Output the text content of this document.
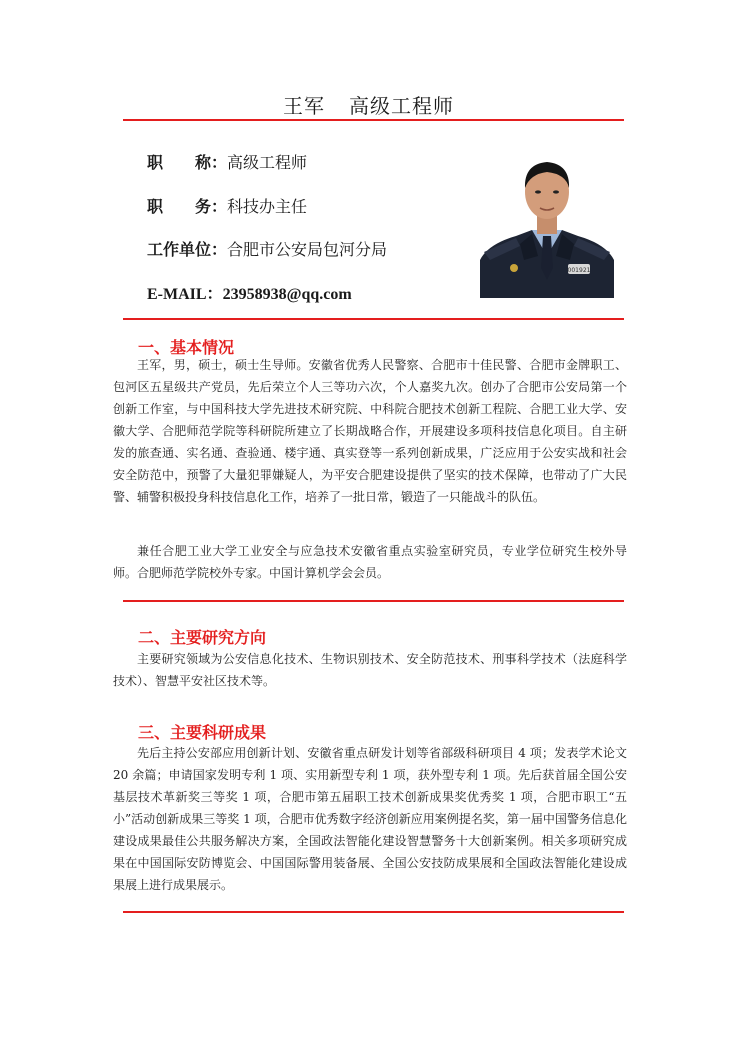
王军 高级工程师
职　　称：高级工程师
职　　务：科技办主任
工作单位：合肥市公安局包河分局
E-MAIL：23958938@qq.com
001921
一、基本情况
王军，男，硕士，硕士生导师。安徽省优秀人民警察、合肥市十佳民警、合肥市金牌职工、包河区五星级共产党员，先后荣立个人三等功六次，个人嘉奖九次。创办了合肥市公安局第一个创新工作室，与中国科技大学先进技术研究院、中科院合肥技术创新工程院、合肥工业大学、安徽大学、合肥师范学院等科研院所建立了长期战略合作，开展建设多项科技信息化项目。自主研发的旅查通、实名通、查验通、楼宇通、真实登等一系列创新成果，广泛应用于公安实战和社会安全防范中，预警了大量犯罪嫌疑人，为平安合肥建设提供了坚实的技术保障，也带动了广大民警、辅警积极投身科技信息化工作，培养了一批日常，锻造了一只能战斗的队伍。
兼任合肥工业大学工业安全与应急技术安徽省重点实验室研究员，专业学位研究生校外导师。合肥师范学院校外专家。中国计算机学会会员。
二、主要研究方向
主要研究领域为公安信息化技术、生物识别技术、安全防范技术、刑事科学技术（法庭科学技术）、智慧平安社区技术等。
三、主要科研成果
先后主持公安部应用创新计划、安徽省重点研发计划等省部级科研项目 4 项；发表学术论文 20 余篇；申请国家发明专利 1 项、实用新型专利 1 项，获外型专利 1 项。先后获首届全国公安基层技术革新奖三等奖 1 项，合肥市第五届职工技术创新成果奖优秀奖 1 项，合肥市职工“五小”活动创新成果三等奖 1 项，合肥市优秀数字经济创新应用案例提名奖，第一届中国警务信息化建设成果最佳公共服务解决方案，全国政法智能化建设智慧警务十大创新案例。相关多项研究成果在中国国际安防博览会、中国国际警用装备展、全国公安技防成果展和全国政法智能化建设成果展上进行成果展示。
